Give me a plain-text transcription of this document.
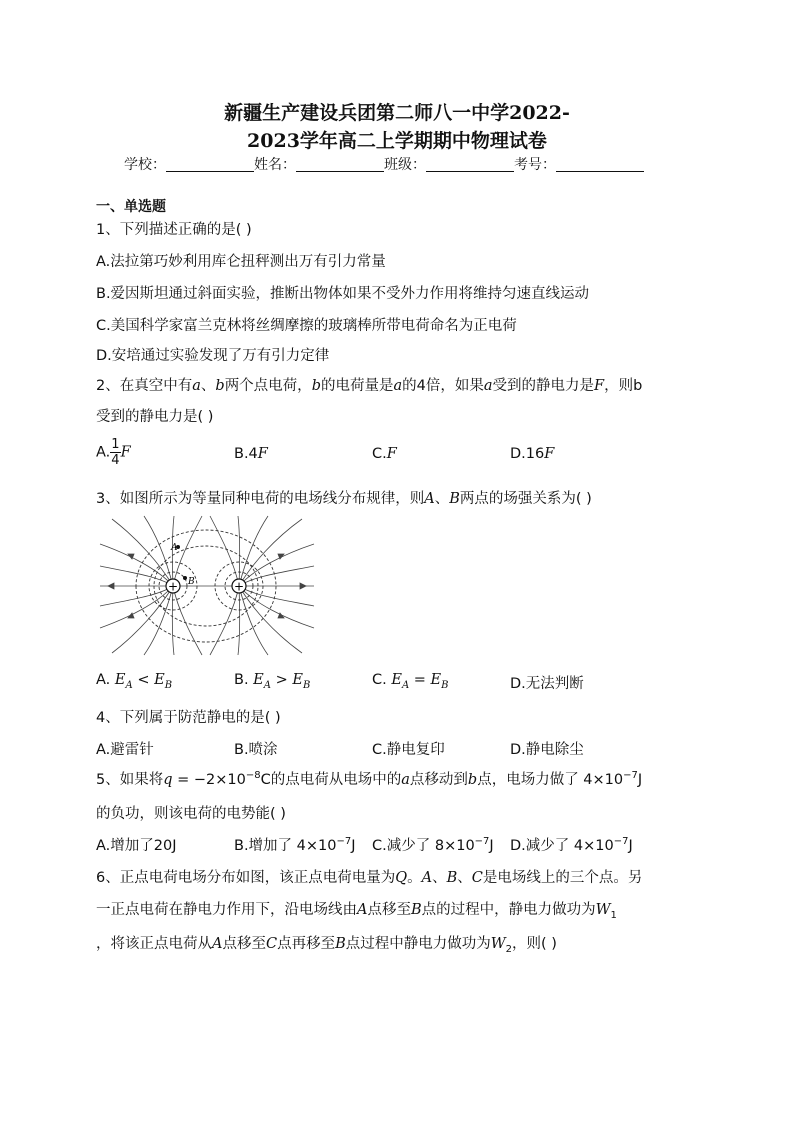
新疆生产建设兵团第二师八一中学2022-
2023学年高二上学期期中物理试卷
学校：	姓名：	班级：	考号：
一、单选题
1、下列描述正确的是( )
A.法拉第巧妙利用库仑扭秤测出万有引力常量
B.爱因斯坦通过斜面实验，推断出物体如果不受外力作用将维持匀速直线运动
C.美国科学家富兰克林将丝绸摩擦的玻璃棒所带电荷命名为正电荷
D.安培通过实验发现了万有引力定律
2、在真空中有a、b两个点电荷，b的电荷量是a的4倍，如果a受到的静电力是F，则b
受到的静电力是( )
A. $\frac{1}{4}$ F	B.4F	C.F	D.16F
3、如图所示为等量同种电荷的电场线分布规律，则A、B两点的场强关系为( )
+	+
A
B
A. $E_A < E_B$	B. $E_A > E_B$	C. $E_A = E_B$	D.无法判断
4、下列属于防范静电的是( )
A.避雷针	B.喷涂	C.静电复印	D.静电除尘
5、如果将$q = -2\times 10^{-8}C$的点电荷从电场中的a点移动到b点，电场力做了 $4\times 10^{-7}J$
的负功，则该电荷的电势能( )
A.增加了20J	B.增加了 $4\times 10^{-7}J$ C.减少了 $8\times 10^{-7}J$ D.减少了 $4\times 10^{-7}J$
6、正点电荷电场分布如图，该正点电荷电量为Q。A、B、C是电场线上的三个点。另
一正点电荷在静电力作用下，沿电场线由A点移至B点的过程中，静电力做功为$W_1$
，将该正点电荷从A点移至C点再移至B点过程中静电力做功为$W_2$，则( )
